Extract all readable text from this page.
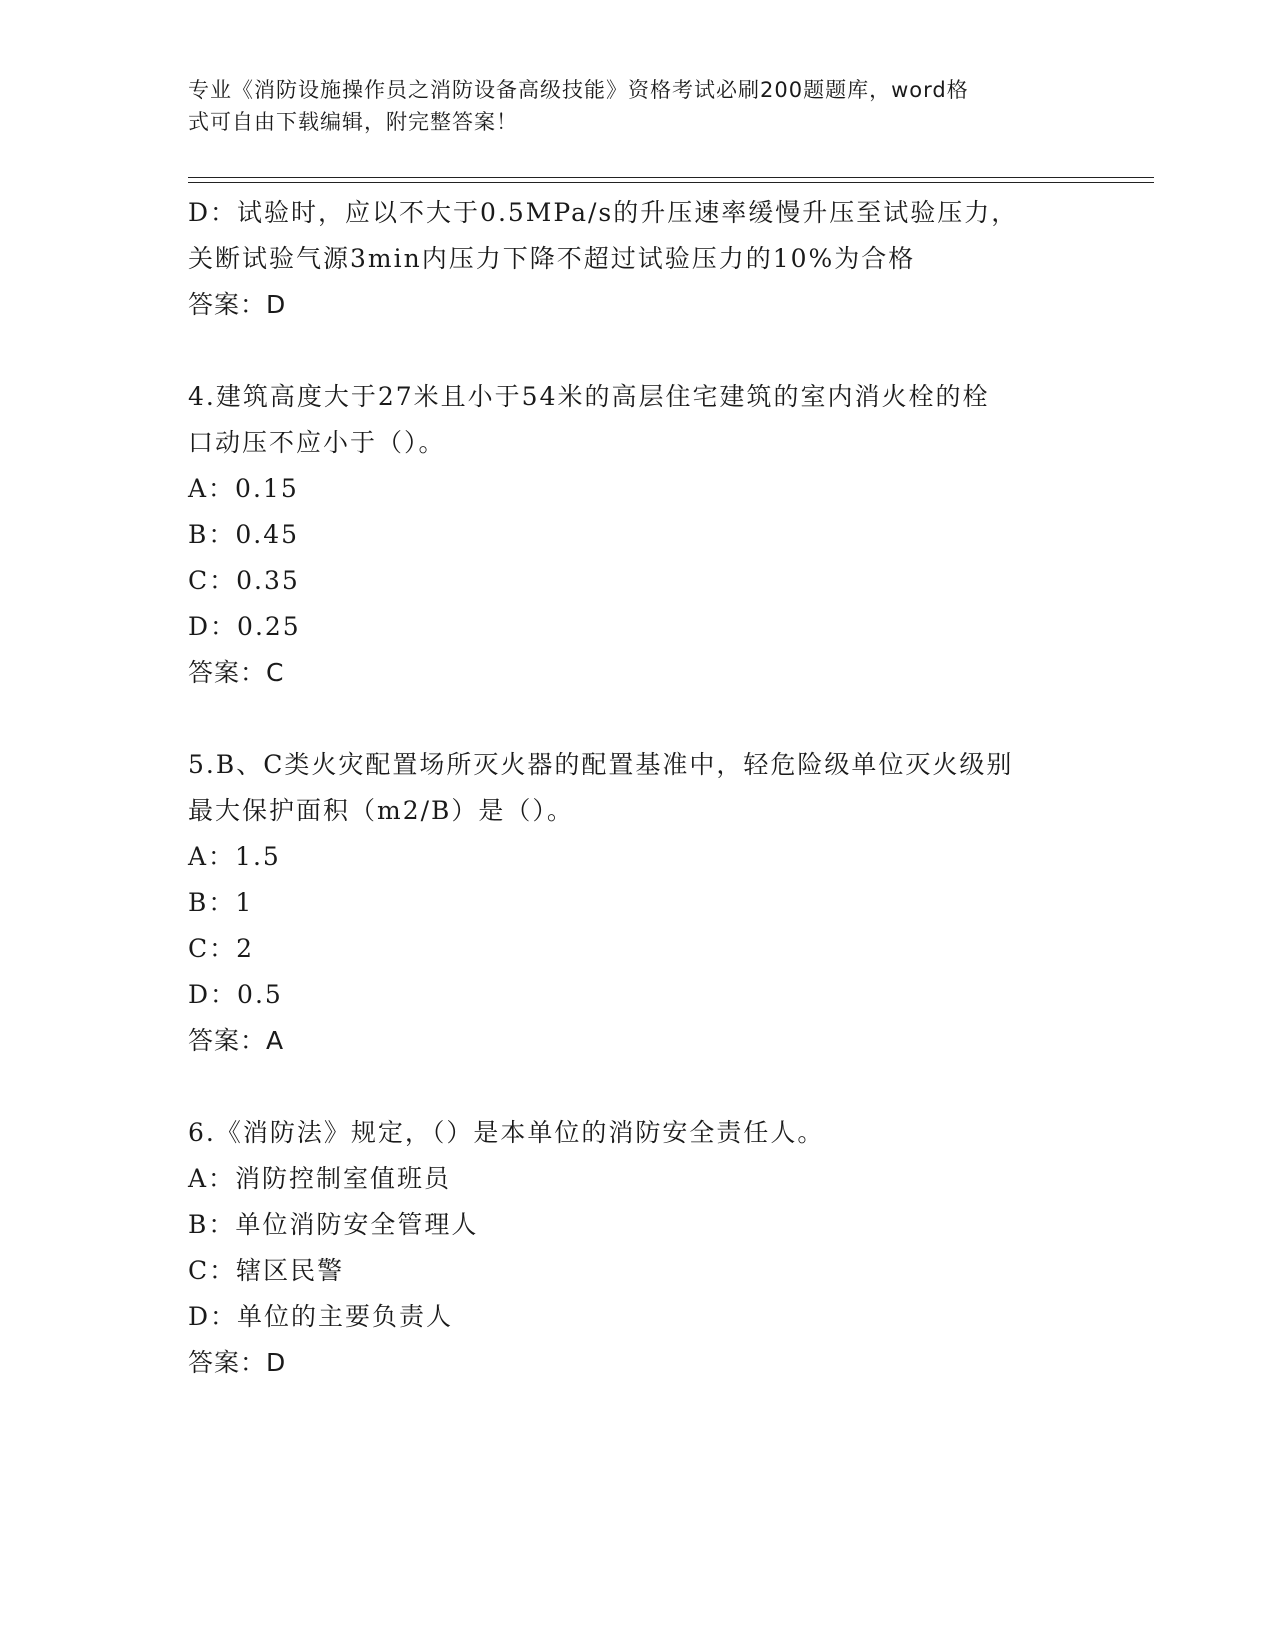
专业《消防设施操作员之消防设备高级技能》资格考试必刷200题题库，word格
式可自由下载编辑，附完整答案！
D：试验时，应以不大于0.5MPa/s的升压速率缓慢升压至试验压力，
关断试验气源3min内压力下降不超过试验压力的10%为合格
答案：D
4.建筑高度大于27米且小于54米的高层住宅建筑的室内消火栓的栓
口动压不应小于（）。
A：0.15
B：0.45
C：0.35
D：0.25
答案：C
5.B、C类火灾配置场所灭火器的配置基准中，轻危险级单位灭火级别
最大保护面积（m2/B）是（）。
A：1.5
B：1
C：2
D：0.5
答案：A
6.《消防法》规定，（）是本单位的消防安全责任人。
A：消防控制室值班员
B：单位消防安全管理人
C：辖区民警
D：单位的主要负责人
答案：D
